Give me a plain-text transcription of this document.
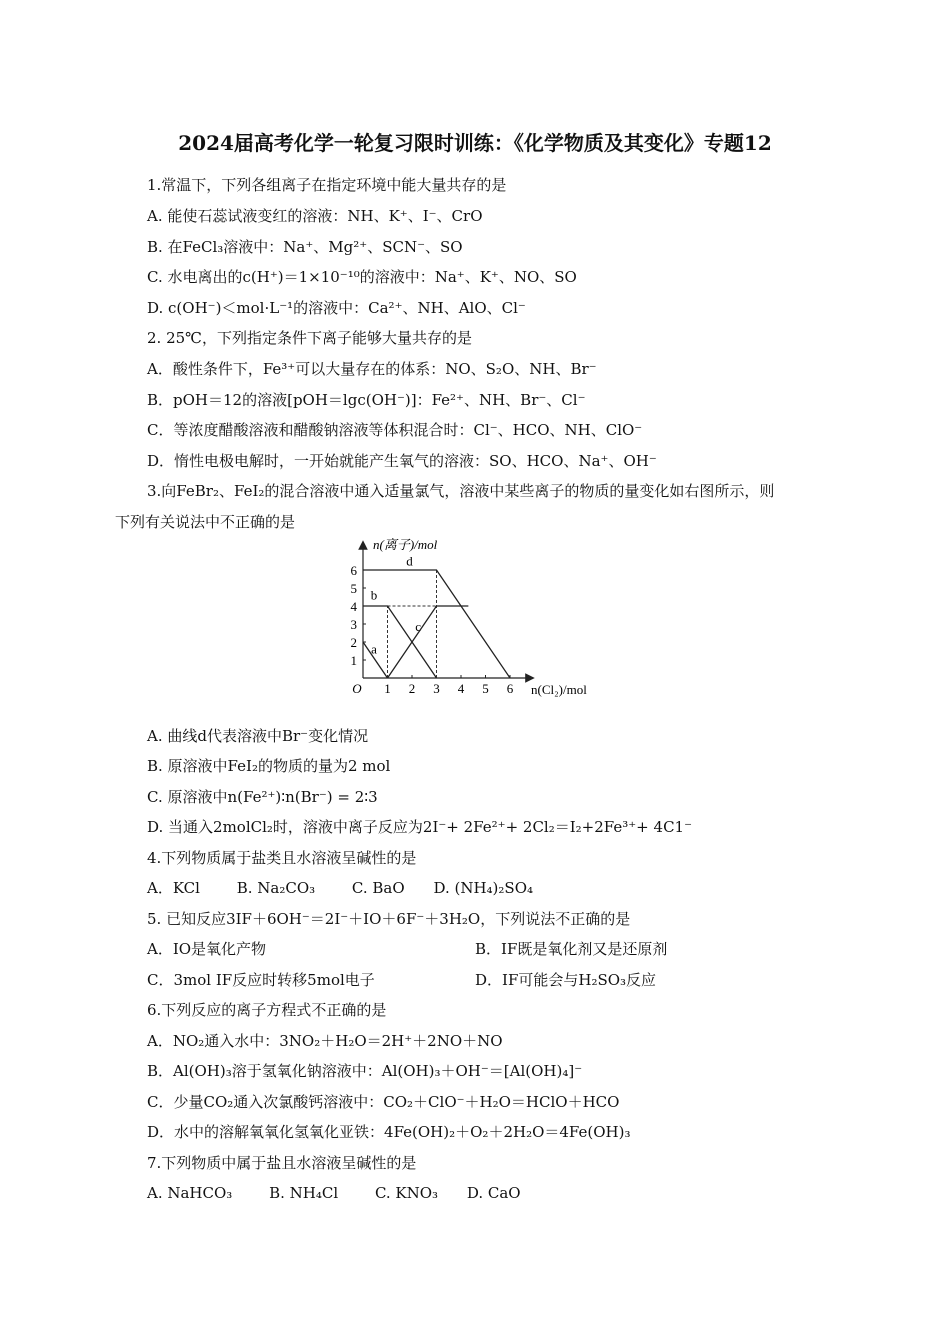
2024届高考化学一轮复习限时训练：《化学物质及其变化》专题12
1.常温下，下列各组离子在指定环境中能大量共存的是
A. 能使石蕊试液变红的溶液：NH、K⁺、I⁻、CrO
B. 在FeCl₃溶液中：Na⁺、Mg²⁺、SCN⁻、SO
C. 水电离出的c(H⁺)＝1×10⁻¹⁰的溶液中：Na⁺、K⁺、NO、SO
D. c(OH⁻)＜mol·L⁻¹的溶液中：Ca²⁺、NH、AlO、Cl⁻
2. 25℃，下列指定条件下离子能够大量共存的是
A．酸性条件下，Fe³⁺可以大量存在的体系：NO、S₂O、NH、Br⁻
B．pOH＝12的溶液[pOH＝lgc(OH⁻)]：Fe²⁺、NH、Br⁻、Cl⁻
C．等浓度醋酸溶液和醋酸钠溶液等体积混合时：Cl⁻、HCO、NH、ClO⁻
D．惰性电极电解时，一开始就能产生氧气的溶液：SO、HCO、Na⁺、OH⁻
3.向FeBr₂、FeI₂的混合溶液中通入适量氯气，溶液中某些离子的物质的量变化如右图所示，则
下列有关说法中不正确的是
n(离子)/mol
n(Cl₂)/mol
O 1 2 3 4 5 6
1
2
3
4
5
6
a
b
c
d
A. 曲线d代表溶液中Br⁻变化情况
B. 原溶液中FeI₂的物质的量为2 mol
C. 原溶液中n(Fe²⁺)∶n(Br⁻) = 2∶3
D. 当通入2molCl₂时，溶液中离子反应为2I⁻+ 2Fe²⁺+ 2Cl₂＝I₂+2Fe³⁺+ 4C1⁻
4.下列物质属于盐类且水溶液呈碱性的是
A．KCl B. Na₂CO₃ C. BaO D. (NH₄)₂SO₄
5. 已知反应3IF＋6OH⁻＝2I⁻＋IO＋6F⁻＋3H₂O，下列说法不正确的是
A．IO是氧化产物	B．IF既是氧化剂又是还原剂
C．3mol IF反应时转移5mol电子	D．IF可能会与H₂SO₃反应
6.下列反应的离子方程式不正确的是
A．NO₂通入水中：3NO₂＋H₂O＝2H⁺＋2NO＋NO
B．Al(OH)₃溶于氢氧化钠溶液中：Al(OH)₃＋OH⁻＝[Al(OH)₄]⁻
C．少量CO₂通入次氯酸钙溶液中：CO₂＋ClO⁻＋H₂O＝HClO＋HCO
D．水中的溶解氧氧化氢氧化亚铁：4Fe(OH)₂＋O₂＋2H₂O＝4Fe(OH)₃
7.下列物质中属于盐且水溶液呈碱性的是
A. NaHCO₃ B. NH₄Cl C. KNO₃ D. CaO
